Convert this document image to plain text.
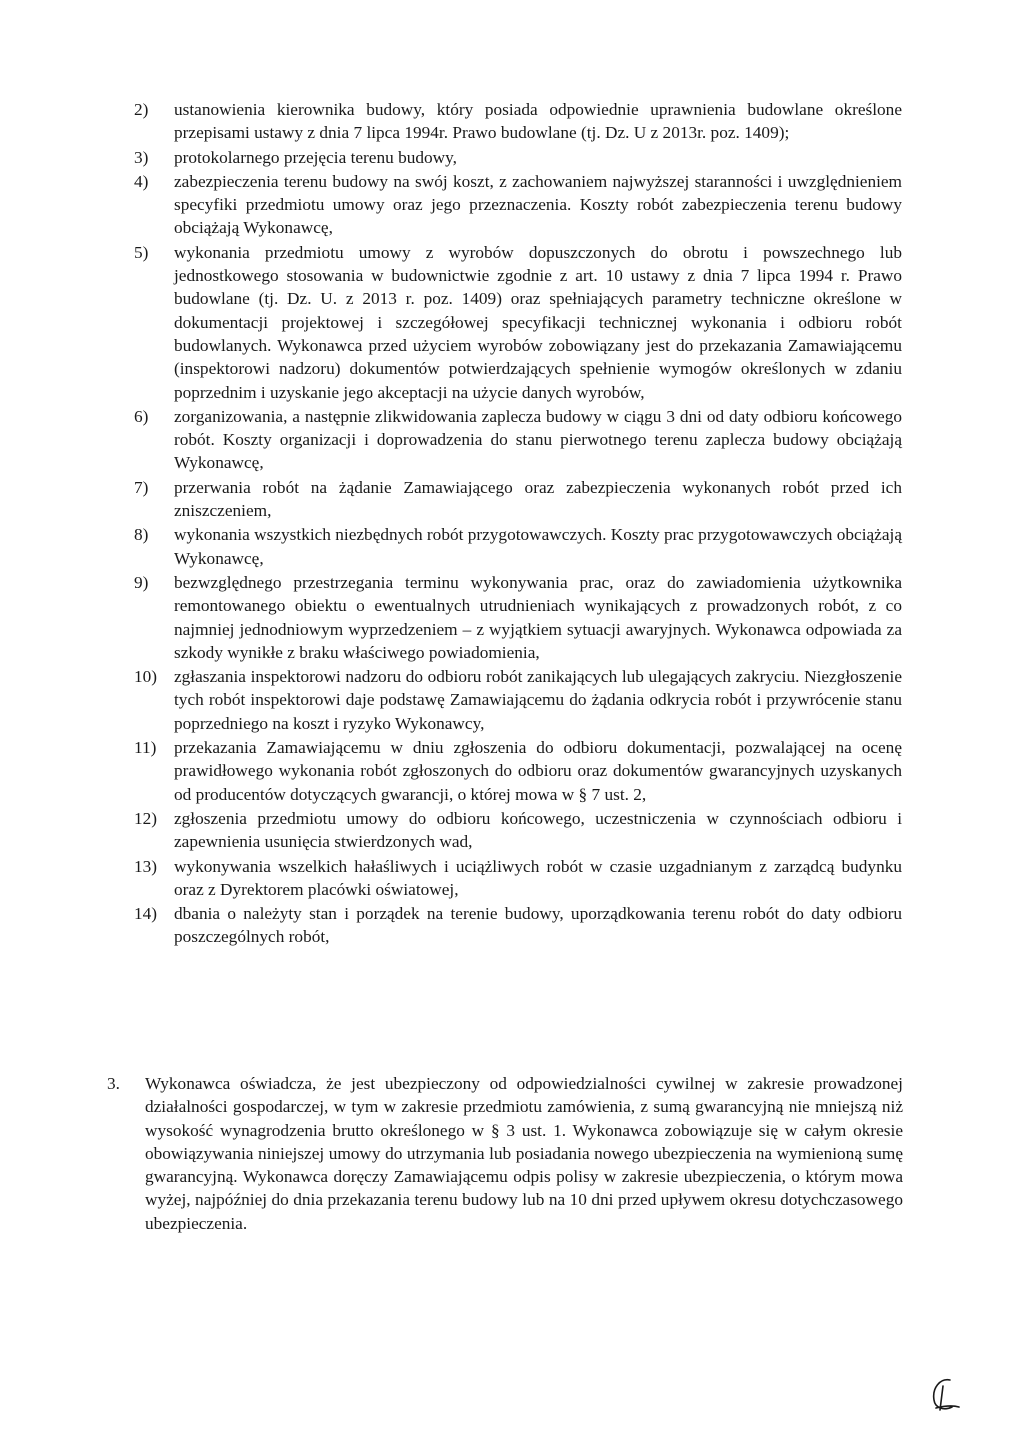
2)	ustanowienia kierownika budowy, który posiada odpowiednie uprawnienia budowlane określone przepisami ustawy z dnia 7 lipca 1994r. Prawo budowlane (tj. Dz. U z 2013r. poz. 1409);
3)	protokolarnego przejęcia terenu budowy,
4)	zabezpieczenia terenu budowy na swój koszt, z zachowaniem najwyższej staranności i uwzględnieniem specyfiki przedmiotu umowy oraz jego przeznaczenia. Koszty robót zabezpieczenia terenu budowy obciążają Wykonawcę,
5)	wykonania przedmiotu umowy z wyrobów dopuszczonych do obrotu i powszechnego lub jednostkowego stosowania w budownictwie zgodnie z art. 10 ustawy z dnia 7 lipca 1994 r. Prawo budowlane (tj. Dz. U. z 2013 r. poz. 1409) oraz spełniających parametry techniczne określone w dokumentacji projektowej i szczegółowej specyfikacji technicznej wykonania i odbioru robót budowlanych. Wykonawca przed użyciem wyrobów zobowiązany jest do przekazania Zamawiającemu (inspektorowi nadzoru) dokumentów potwierdzających spełnienie wymogów określonych w zdaniu poprzednim i uzyskanie jego akceptacji na użycie danych wyrobów,
6)	zorganizowania, a następnie zlikwidowania zaplecza budowy w ciągu 3 dni od daty odbioru końcowego robót. Koszty organizacji i doprowadzenia do stanu pierwotnego terenu zaplecza budowy obciążają Wykonawcę,
7)	przerwania robót na żądanie Zamawiającego oraz zabezpieczenia wykonanych robót przed ich zniszczeniem,
8)	wykonania wszystkich niezbędnych robót przygotowawczych. Koszty prac przygotowawczych obciążają Wykonawcę,
9)	bezwzględnego przestrzegania terminu wykonywania prac, oraz do zawiadomienia użytkownika remontowanego obiektu o ewentualnych utrudnieniach wynikających z prowadzonych robót, z co najmniej jednodniowym wyprzedzeniem – z wyjątkiem sytuacji awaryjnych. Wykonawca odpowiada za szkody wynikłe z braku właściwego powiadomienia,
10) zgłaszania inspektorowi nadzoru do odbioru robót zanikających lub ulegających zakryciu. Niezgłoszenie tych robót inspektorowi daje podstawę Zamawiającemu do żądania odkrycia robót i przywrócenie stanu poprzedniego na koszt i ryzyko Wykonawcy,
11)	przekazania Zamawiającemu w dniu zgłoszenia do odbioru dokumentacji, pozwalającej na ocenę prawidłowego wykonania robót zgłoszonych do odbioru oraz dokumentów gwarancyjnych uzyskanych od producentów dotyczących gwarancji, o której mowa w § 7 ust. 2,
12) zgłoszenia przedmiotu umowy do odbioru końcowego, uczestniczenia w czynnościach odbioru i zapewnienia usunięcia stwierdzonych wad,
13) wykonywania wszelkich hałaśliwych i uciążliwych robót w czasie uzgadnianym z zarządcą budynku oraz z Dyrektorem placówki oświatowej,
14) dbania o należyty stan i porządek na terenie budowy, uporządkowania terenu robót do daty odbioru poszczególnych robót,
3.	Wykonawca oświadcza, że jest ubezpieczony od odpowiedzialności cywilnej w zakresie prowadzonej działalności gospodarczej, w tym w zakresie przedmiotu zamówienia, z sumą gwarancyjną nie mniejszą niż wysokość wynagrodzenia brutto określonego w § 3 ust. 1. Wykonawca zobowiązuje się w całym okresie obowiązywania niniejszej umowy do utrzymania lub posiadania nowego ubezpieczenia na wymienioną sumę gwarancyjną. Wykonawca doręczy Zamawiającemu odpis polisy w zakresie ubezpieczenia, o którym mowa wyżej, najpóźniej do dnia przekazania terenu budowy lub na 10 dni przed upływem okresu dotychczasowego ubezpieczenia.
